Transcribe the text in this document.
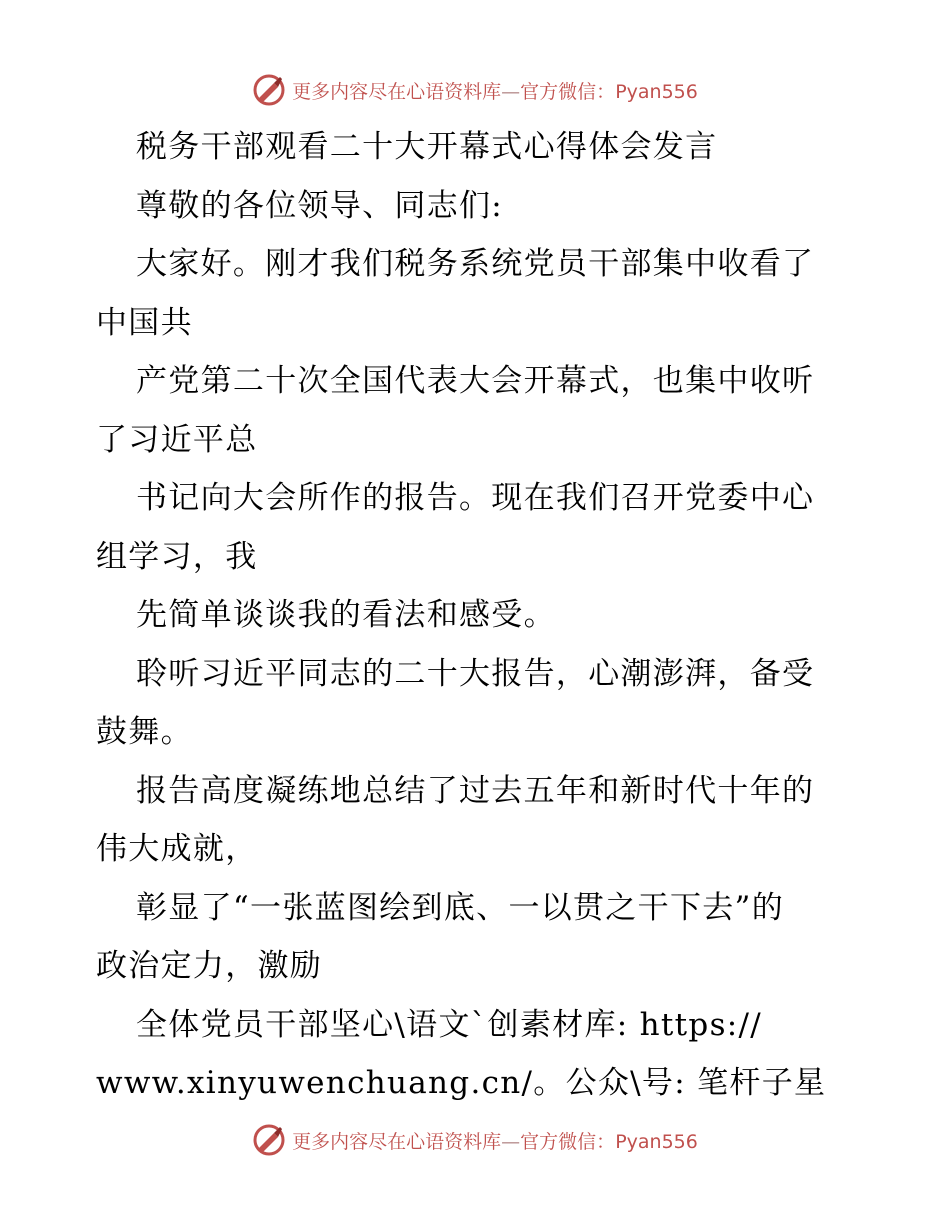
更多内容尽在心语资料库—官方微信：Pyan556
税务干部观看二十大开幕式心得体会发言
尊敬的各位领导、同志们:
大家好。刚才我们税务系统党员干部集中收看了
中国共
产党第二十次全国代表大会开幕式，也集中收听
了习近平总
书记向大会所作的报告。现在我们召开党委中心
组学习，我
先简单谈谈我的看法和感受。
聆听习近平同志的二十大报告，心潮澎湃，备受
鼓舞。
报告高度凝练地总结了过去五年和新时代十年的
伟大成就，
彰显了“一张蓝图绘到底、一以贯之干下去”的
政治定力，激励
全体党员干部坚心\语文`创素材库: https://
www.xinyuwenchuang.cn/。公众\号: 笔杆子星
更多内容尽在心语资料库—官方微信：Pyan556
